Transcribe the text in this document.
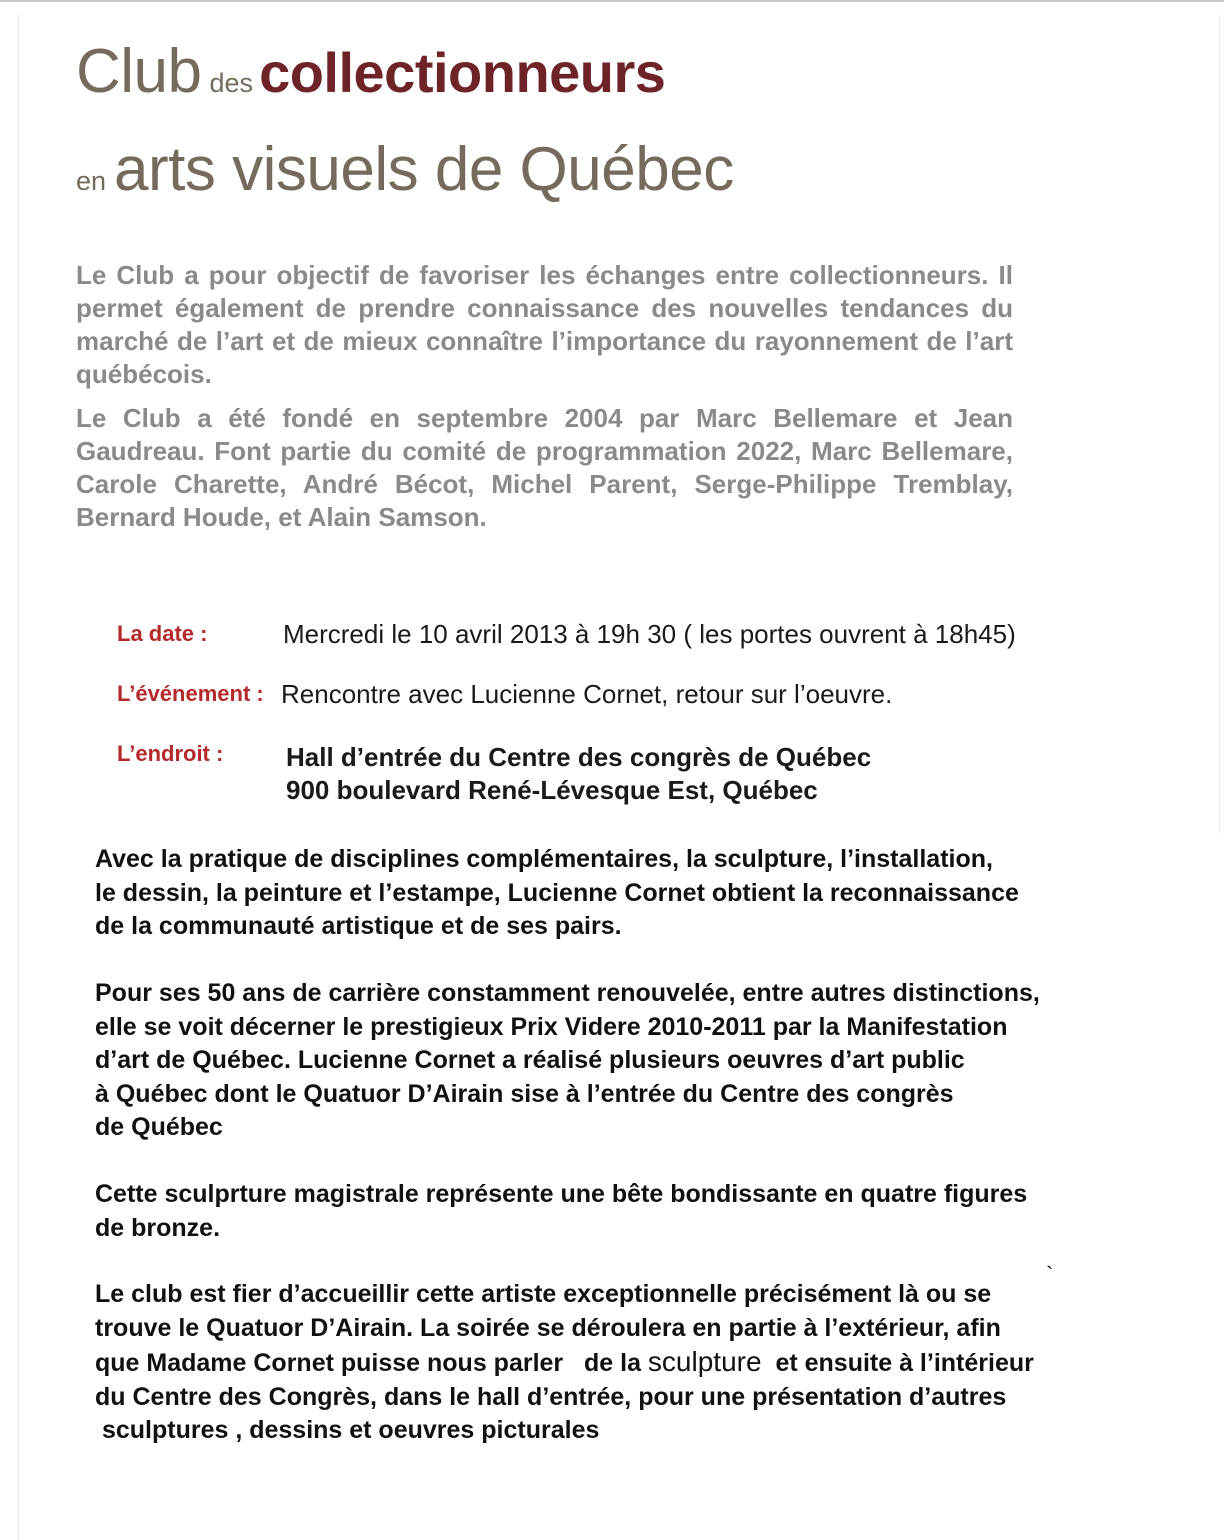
Club des collectionneurs
en arts visuels de Québec

Le Club a pour objectif de favoriser les échanges entre collectionneurs. Il permet également de prendre connaissance des nouvelles tendances du marché de l’art et de mieux connaître l’importance du rayonnement de l’art québécois.

Le Club a été fondé en septembre 2004 par Marc Bellemare et Jean Gaudreau. Font partie du comité de programmation 2022, Marc Bellemare, Carole Charette, André Bécot, Michel Parent, Serge-Philippe Tremblay, Bernard Houde, et Alain Samson.

La date :	Mercredi le 10 avril 2013 à 19h 30 ( les portes ouvrent à 18h45)
L’événement : Rencontre avec Lucienne Cornet, retour sur l’oeuvre.
L’endroit : Hall d’entrée du Centre des congrès de Québec
900 boulevard René-Lévesque Est, Québec

Avec la pratique de disciplines complémentaires, la sculpture, l’installation,

le dessin, la peinture et l’estampe, Lucienne Cornet obtient la reconnaissance

de la communauté artistique et de ses pairs.

Pour ses 50 ans de carrière constamment renouvelée, entre autres distinctions,

elle se voit décerner le prestigieux Prix Videre 2010-2011 par la Manifestation

d’art de Québec. Lucienne Cornet a réalisé plusieurs oeuvres d’art public

à Québec dont le Quatuor D’Airain sise à l’entrée du Centre des congrès

de Québec

Cette sculprture magistrale représente une bête bondissante en quatre figures

de bronze.

`

Le club est fier d’accueillir cette artiste exceptionnelle précisément là ou se

trouve le Quatuor D’Airain. La soirée se déroulera en partie à l’extérieur, afin

que Madame Cornet puisse nous parler   de la sculpture  et ensuite à l’intérieur

du Centre des Congrès, dans le hall d’entrée, pour une présentation d’autres

sculptures , dessins et oeuvres picturales
